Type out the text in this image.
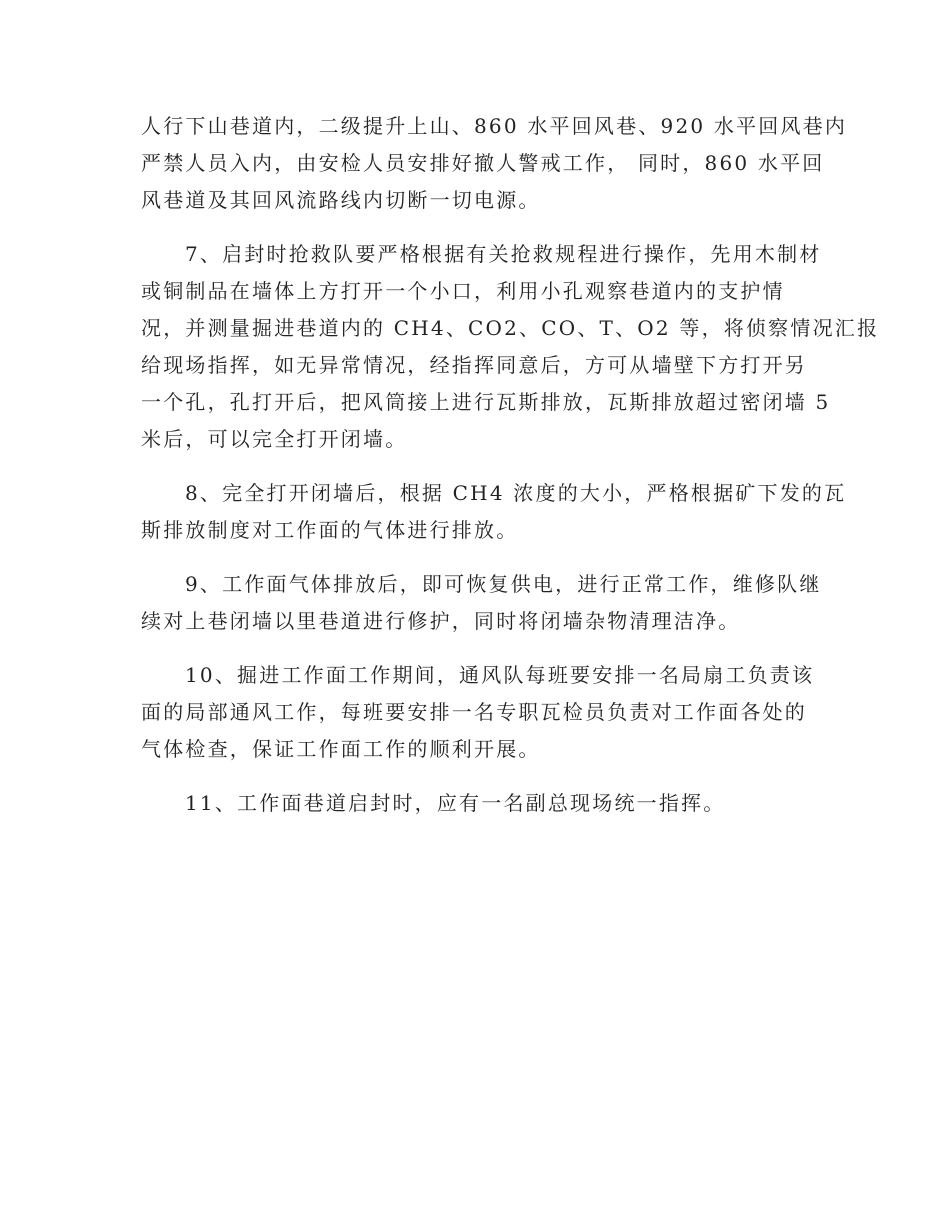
人行下山巷道内，二级提升上山、860 水平回风巷、920 水平回风巷内
严禁人员入内，由安检人员安排好撤人警戒工作， 同时，860 水平回
风巷道及其回风流路线内切断一切电源。
7、启封时抢救队要严格根据有关抢救规程进行操作，先用木制材
或铜制品在墙体上方打开一个小口，利用小孔观察巷道内的支护情
况，并测量掘进巷道内的 CH4、CO2、CO、T、O2 等，将侦察情况汇报
给现场指挥，如无异常情况，经指挥同意后，方可从墙壁下方打开另
一个孔，孔打开后，把风筒接上进行瓦斯排放，瓦斯排放超过密闭墙 5
米后，可以完全打开闭墙。
8、完全打开闭墙后，根据 CH4 浓度的大小，严格根据矿下发的瓦
斯排放制度对工作面的气体进行排放。
9、工作面气体排放后，即可恢复供电，进行正常工作，维修队继
续对上巷闭墙以里巷道进行修护，同时将闭墙杂物清理洁净。
10、掘进工作面工作期间，通风队每班要安排一名局扇工负责该
面的局部通风工作，每班要安排一名专职瓦检员负责对工作面各处的
气体检查，保证工作面工作的顺利开展。
11、工作面巷道启封时，应有一名副总现场统一指挥。
